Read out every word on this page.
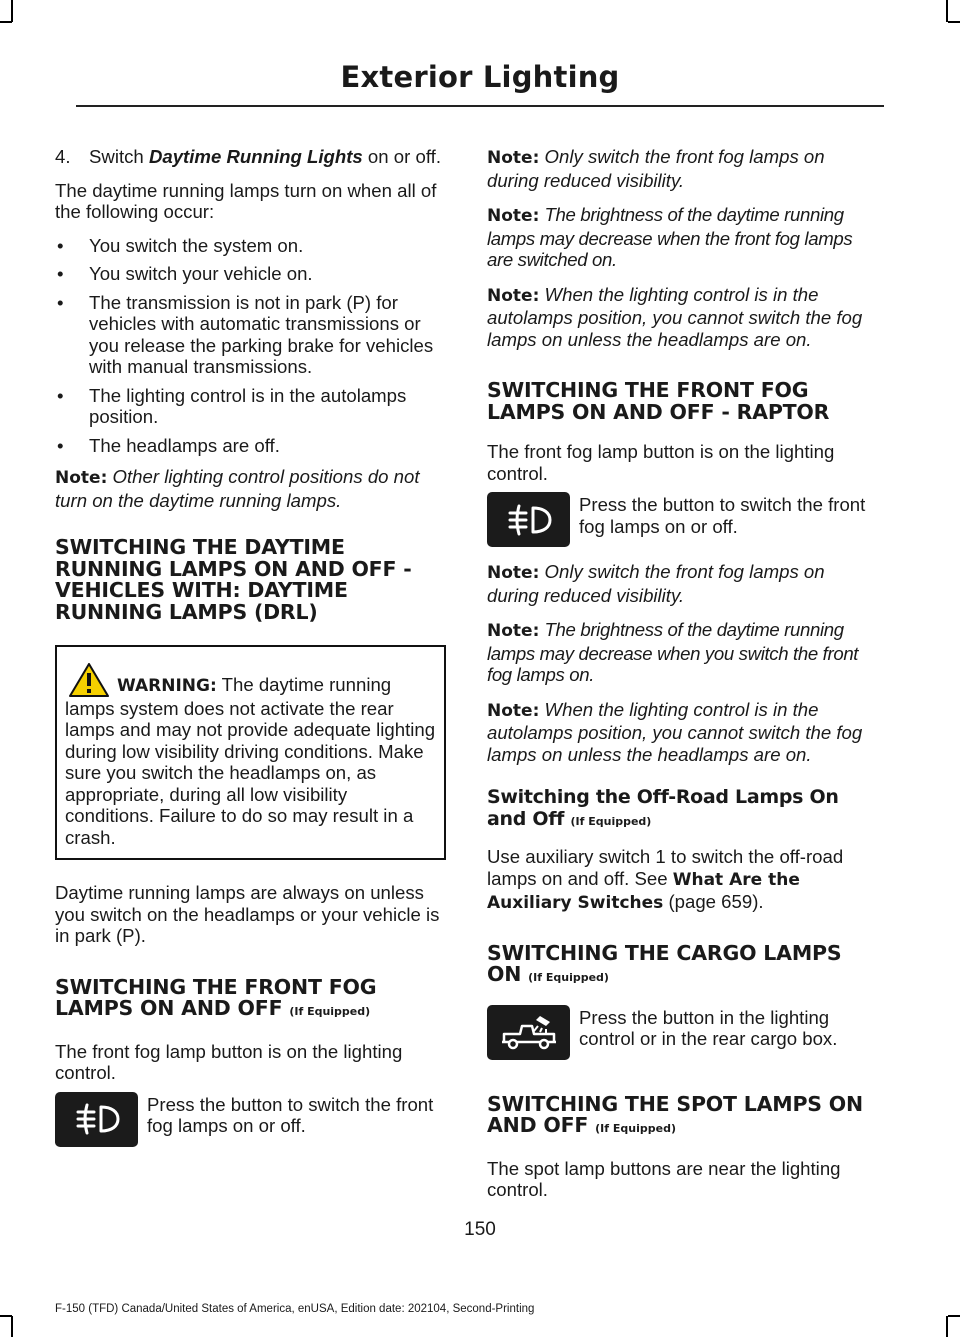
Exterior Lighting

4. Switch Daytime Running Lights on or off.

The daytime running lamps turn on when all of the following occur:

• You switch the system on.
• You switch your vehicle on.
• The transmission is not in park (P) for vehicles with automatic transmissions or you release the parking brake for vehicles with manual transmissions.
• The lighting control is in the autolamps position.
• The headlamps are off.

Note: Other lighting control positions do not turn on the daytime running lamps.

SWITCHING THE DAYTIME RUNNING LAMPS ON AND OFF - VEHICLES WITH: DAYTIME RUNNING LAMPS (DRL)

WARNING: The daytime running lamps system does not activate the rear lamps and may not provide adequate lighting during low visibility driving conditions. Make sure you switch the headlamps on, as appropriate, during all low visibility conditions. Failure to do so may result in a crash.

Daytime running lamps are always on unless you switch on the headlamps or your vehicle is in park (P).

SWITCHING THE FRONT FOG LAMPS ON AND OFF (If Equipped)

The front fog lamp button is on the lighting control.

Press the button to switch the front fog lamps on or off.

Note: Only switch the front fog lamps on during reduced visibility.

Note: The brightness of the daytime running lamps may decrease when the front fog lamps are switched on.

Note: When the lighting control is in the autolamps position, you cannot switch the fog lamps on unless the headlamps are on.

SWITCHING THE FRONT FOG LAMPS ON AND OFF - RAPTOR

The front fog lamp button is on the lighting control.

Press the button to switch the front fog lamps on or off.

Note: Only switch the front fog lamps on during reduced visibility.

Note: The brightness of the daytime running lamps may decrease when you switch the front fog lamps on.

Note: When the lighting control is in the autolamps position, you cannot switch the fog lamps on unless the headlamps are on.

Switching the Off-Road Lamps On and Off (If Equipped)

Use auxiliary switch 1 to switch the off-road lamps on and off. See What Are the Auxiliary Switches (page 659).

SWITCHING THE CARGO LAMPS ON (If Equipped)

Press the button in the lighting control or in the rear cargo box.

SWITCHING THE SPOT LAMPS ON AND OFF (If Equipped)

The spot lamp buttons are near the lighting control.

150
F-150 (TFD) Canada/United States of America, enUSA, Edition date: 202104, Second-Printing
